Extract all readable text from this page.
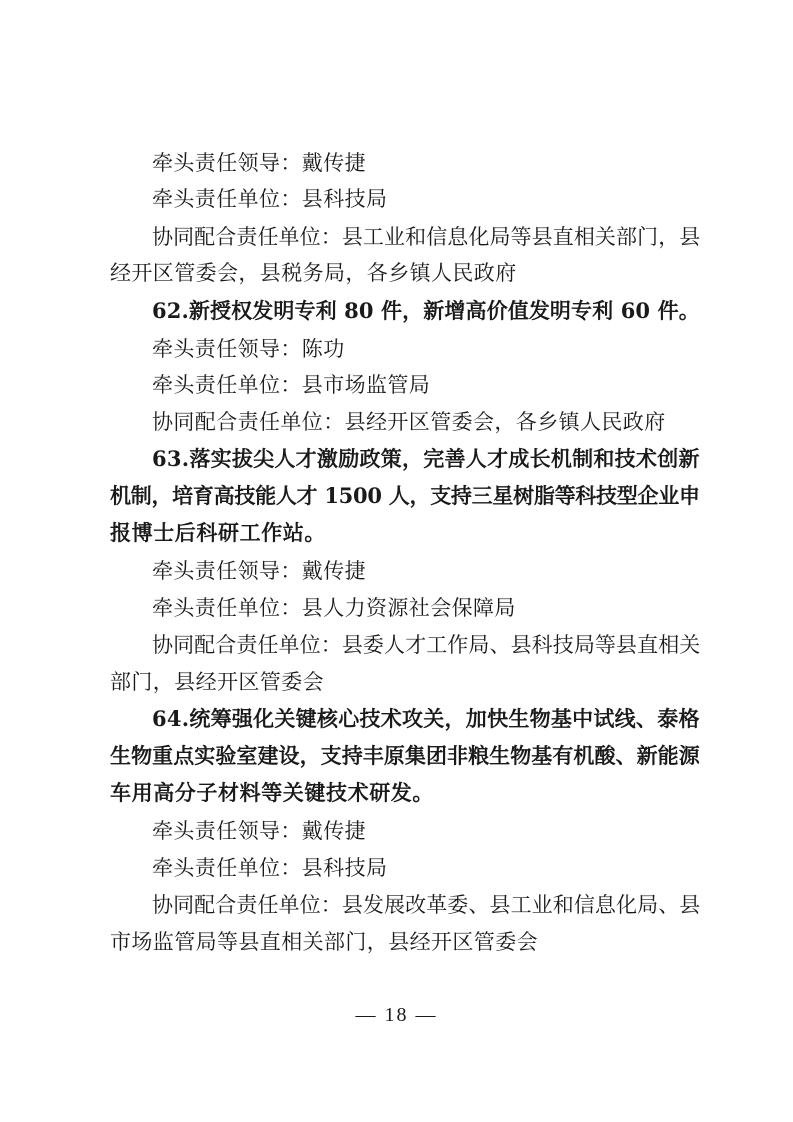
牵头责任领导：戴传捷
牵头责任单位：县科技局
协同配合责任单位：县工业和信息化局等县直相关部门，县
经开区管委会，县税务局，各乡镇人民政府
62.新授权发明专利 80 件，新增高价值发明专利 60 件。
牵头责任领导：陈功
牵头责任单位：县市场监管局
协同配合责任单位：县经开区管委会，各乡镇人民政府
63.落实拔尖人才激励政策，完善人才成长机制和技术创新
机制，培育高技能人才 1500 人，支持三星树脂等科技型企业申
报博士后科研工作站。
牵头责任领导：戴传捷
牵头责任单位：县人力资源社会保障局
协同配合责任单位：县委人才工作局、县科技局等县直相关
部门，县经开区管委会
64.统筹强化关键核心技术攻关，加快生物基中试线、泰格
生物重点实验室建设，支持丰原集团非粮生物基有机酸、新能源
车用高分子材料等关键技术研发。
牵头责任领导：戴传捷
牵头责任单位：县科技局
协同配合责任单位：县发展改革委、县工业和信息化局、县
市场监管局等县直相关部门，县经开区管委会
— 18 —
